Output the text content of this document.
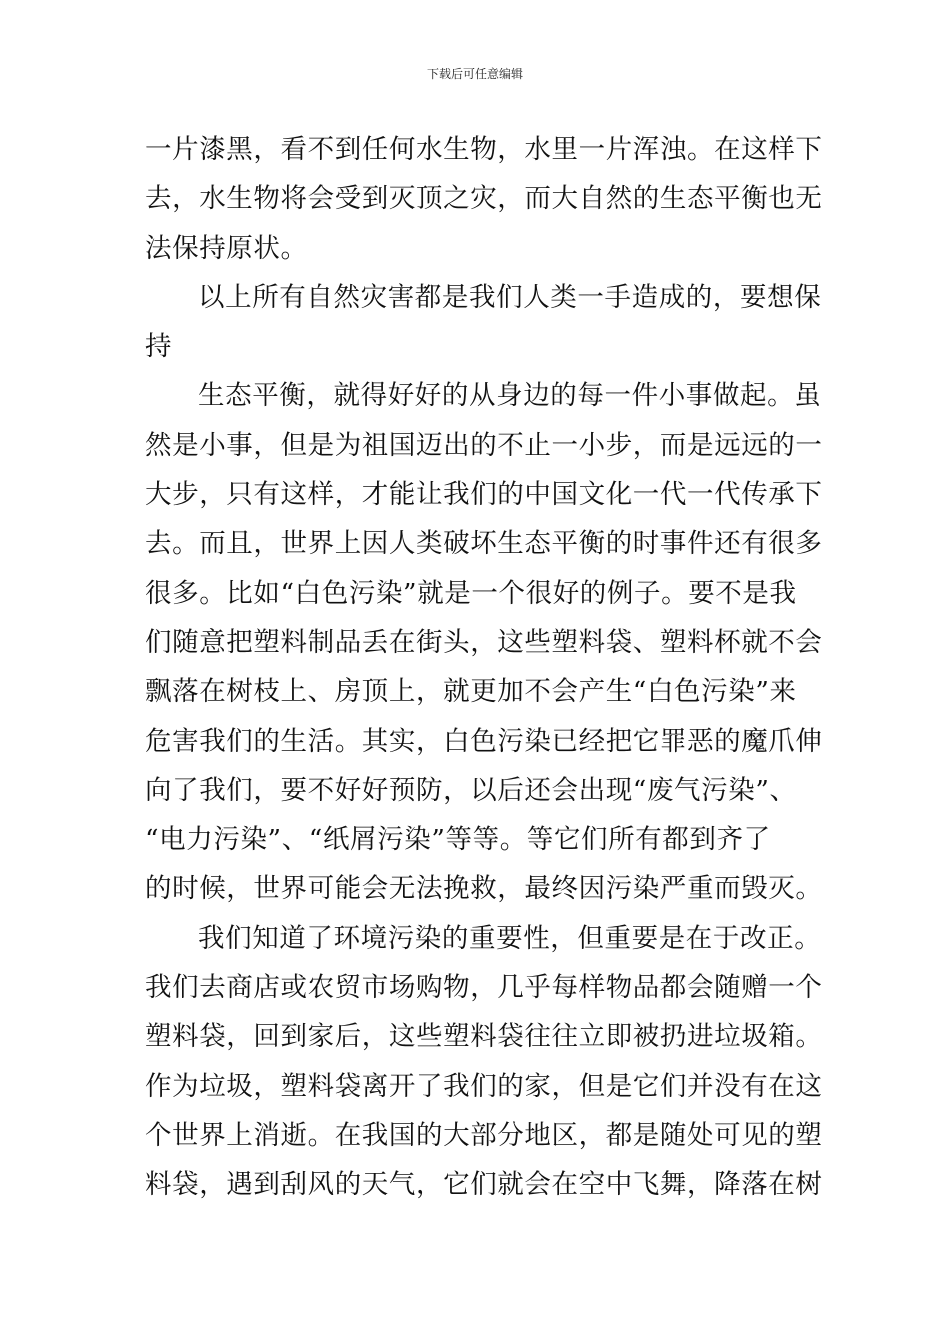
下载后可任意编辑
一片漆黑，看不到任何水生物，水里一片浑浊。在这样下
去，水生物将会受到灭顶之灾，而大自然的生态平衡也无
法保持原状。
以上所有自然灾害都是我们人类一手造成的，要想保
持
生态平衡，就得好好的从身边的每一件小事做起。虽
然是小事，但是为祖国迈出的不止一小步，而是远远的一
大步，只有这样，才能让我们的中国文化一代一代传承下
去。而且，世界上因人类破坏生态平衡的时事件还有很多
很多。比如“白色污染”就是一个很好的例子。要不是我
们随意把塑料制品丢在街头，这些塑料袋、塑料杯就不会
飘落在树枝上、房顶上，就更加不会产生“白色污染”来
危害我们的生活。其实，白色污染已经把它罪恶的魔爪伸
向了我们，要不好好预防，以后还会出现“废气污染”、
“电力污染”、“纸屑污染”等等。等它们所有都到齐了
的时候，世界可能会无法挽救，最终因污染严重而毁灭。
我们知道了环境污染的重要性，但重要是在于改正。
我们去商店或农贸市场购物，几乎每样物品都会随赠一个
塑料袋，回到家后，这些塑料袋往往立即被扔进垃圾箱。
作为垃圾，塑料袋离开了我们的家，但是它们并没有在这
个世界上消逝。在我国的大部分地区，都是随处可见的塑
料袋，遇到刮风的天气，它们就会在空中飞舞，降落在树
